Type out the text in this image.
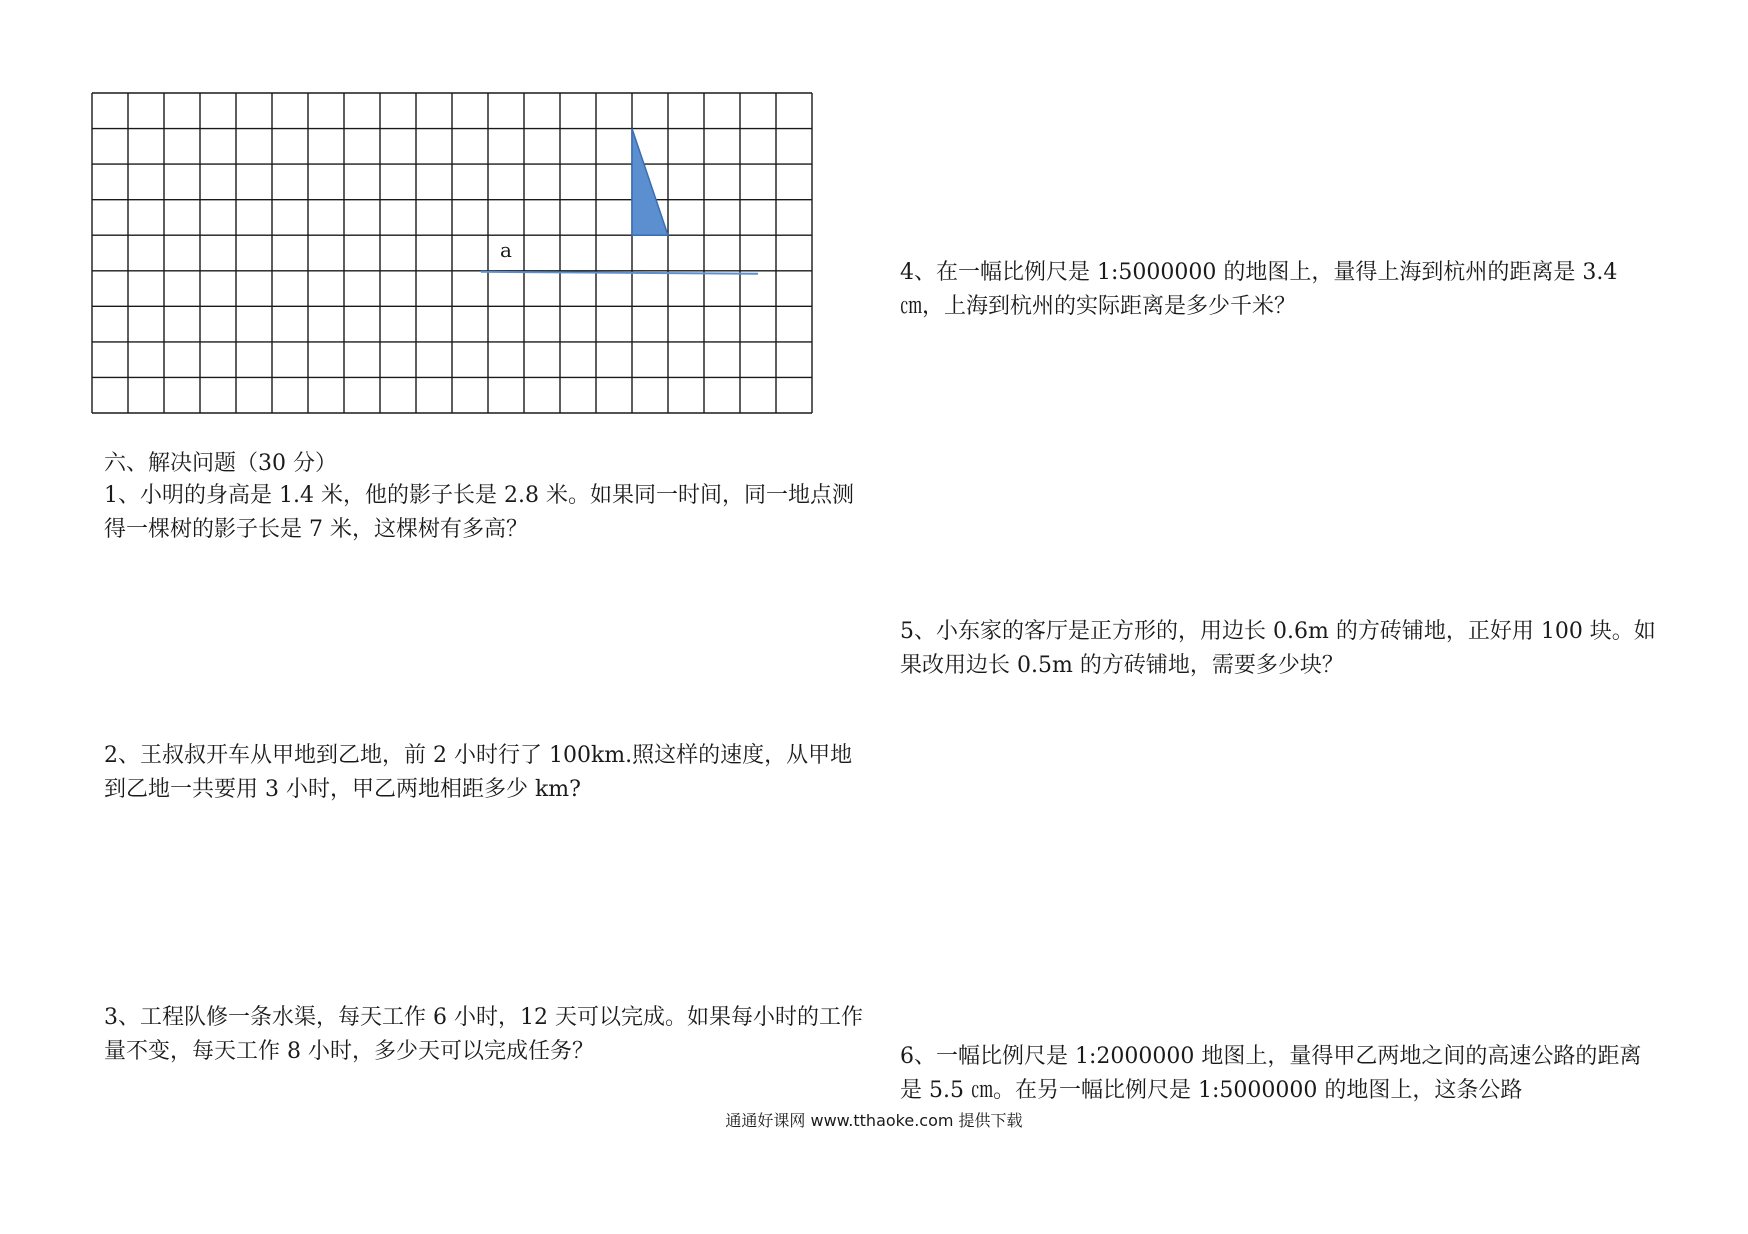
a

六、解决问题（30 分）

1、小明的身高是 1.4 米，他的影子长是 2.8 米。如果同一时间，同一地点测得一棵树的影子长是 7 米，这棵树有多高？

2、王叔叔开车从甲地到乙地，前 2 小时行了 100km.照这样的速度，从甲地到乙地一共要用 3 小时，甲乙两地相距多少 km?

3、工程队修一条水渠，每天工作 6 小时，12 天可以完成。如果每小时的工作量不变，每天工作 8 小时，多少天可以完成任务？

4、在一幅比例尺是 1:5000000 的地图上，量得上海到杭州的距离是 3.4 ㎝，上海到杭州的实际距离是多少千米？

5、小东家的客厅是正方形的，用边长 0.6m 的方砖铺地，正好用 100 块。如果改用边长 0.5m 的方砖铺地，需要多少块？

6、一幅比例尺是 1:2000000 地图上，量得甲乙两地之间的高速公路的距离是 5.5 ㎝。在另一幅比例尺是 1:5000000 的地图上，这条公路

通通好课网 www.tthaoke.com 提供下载
